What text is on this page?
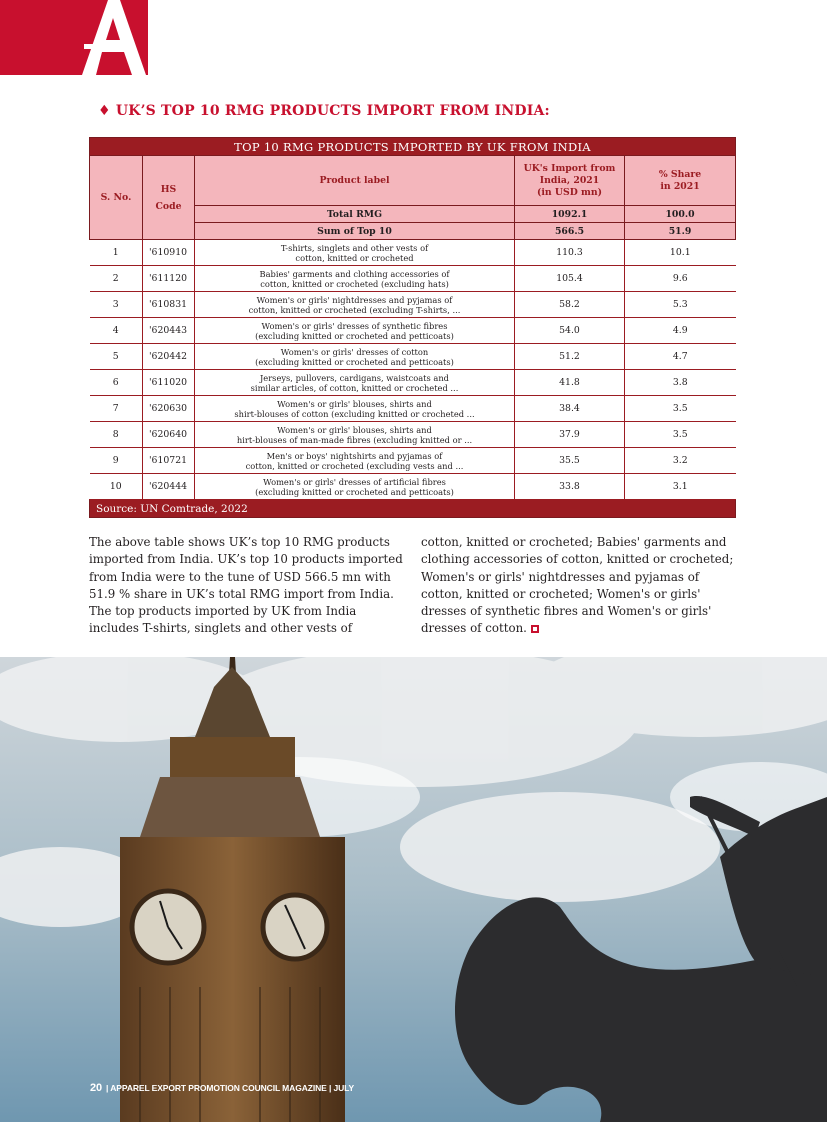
♦ UK’S TOP 10 RMG PRODUCTS IMPORT FROM INDIA:
TOP 10 RMG PRODUCTS IMPORTED BY UK FROM INDIA				
S. No.	HS
Code	Product label	UK's Import from
India, 2021
(in USD mn)	% Share
in 2021
		Total RMG	1092.1	100.0
		Sum of Top 10	566.5	51.9
1	'610910	T-shirts, singlets and other vests of
cotton, knitted or crocheted	110.3	10.1
2	'611120	Babies' garments and clothing accessories of
cotton, knitted or crocheted (excluding hats)	105.4	9.6
3	'610831	Women's or girls' nightdresses and pyjamas of
cotton, knitted or crocheted (excluding T-shirts, ...	58.2	5.3
4	'620443	Women's or girls' dresses of synthetic fibres
(excluding knitted or crocheted and petticoats)	54.0	4.9
5	'620442	Women's or girls' dresses of cotton
(excluding knitted or crocheted and petticoats)	51.2	4.7
6	'611020	Jerseys, pullovers, cardigans, waistcoats and
similar articles, of cotton, knitted or crocheted ...	41.8	3.8
7	'620630	Women's or girls' blouses, shirts and
shirt-blouses of cotton (excluding knitted or crocheted ...	38.4	3.5
8	'620640	Women's or girls' blouses, shirts and
hirt-blouses of man-made fibres (excluding knitted or ...	37.9	3.5
9	'610721	Men's or boys' nightshirts and pyjamas of
cotton, knitted or crocheted (excluding vests and ...	35.5	3.2
10	'620444	Women's or girls' dresses of artificial fibres
(excluding knitted or crocheted and petticoats)	33.8	3.1
Source: UN Comtrade, 2022				

The above table shows UK’s top 10 RMG products imported from India. UK’s top 10 products imported from India were to the tune of USD 566.5 mn with 51.9 % share in UK’s total RMG import from India.

The top products imported by UK from India includes T-shirts, singlets and other vests of

cotton, knitted or crocheted; Babies' garments and clothing accessories of cotton, knitted or crocheted; Women's or girls' nightdresses and pyjamas of cotton, knitted or crocheted; Women's or girls' dresses of synthetic fibres and Women's or girls' dresses of cotton.
20 | APPAREL EXPORT PROMOTION COUNCIL MAGAZINE | JULY
